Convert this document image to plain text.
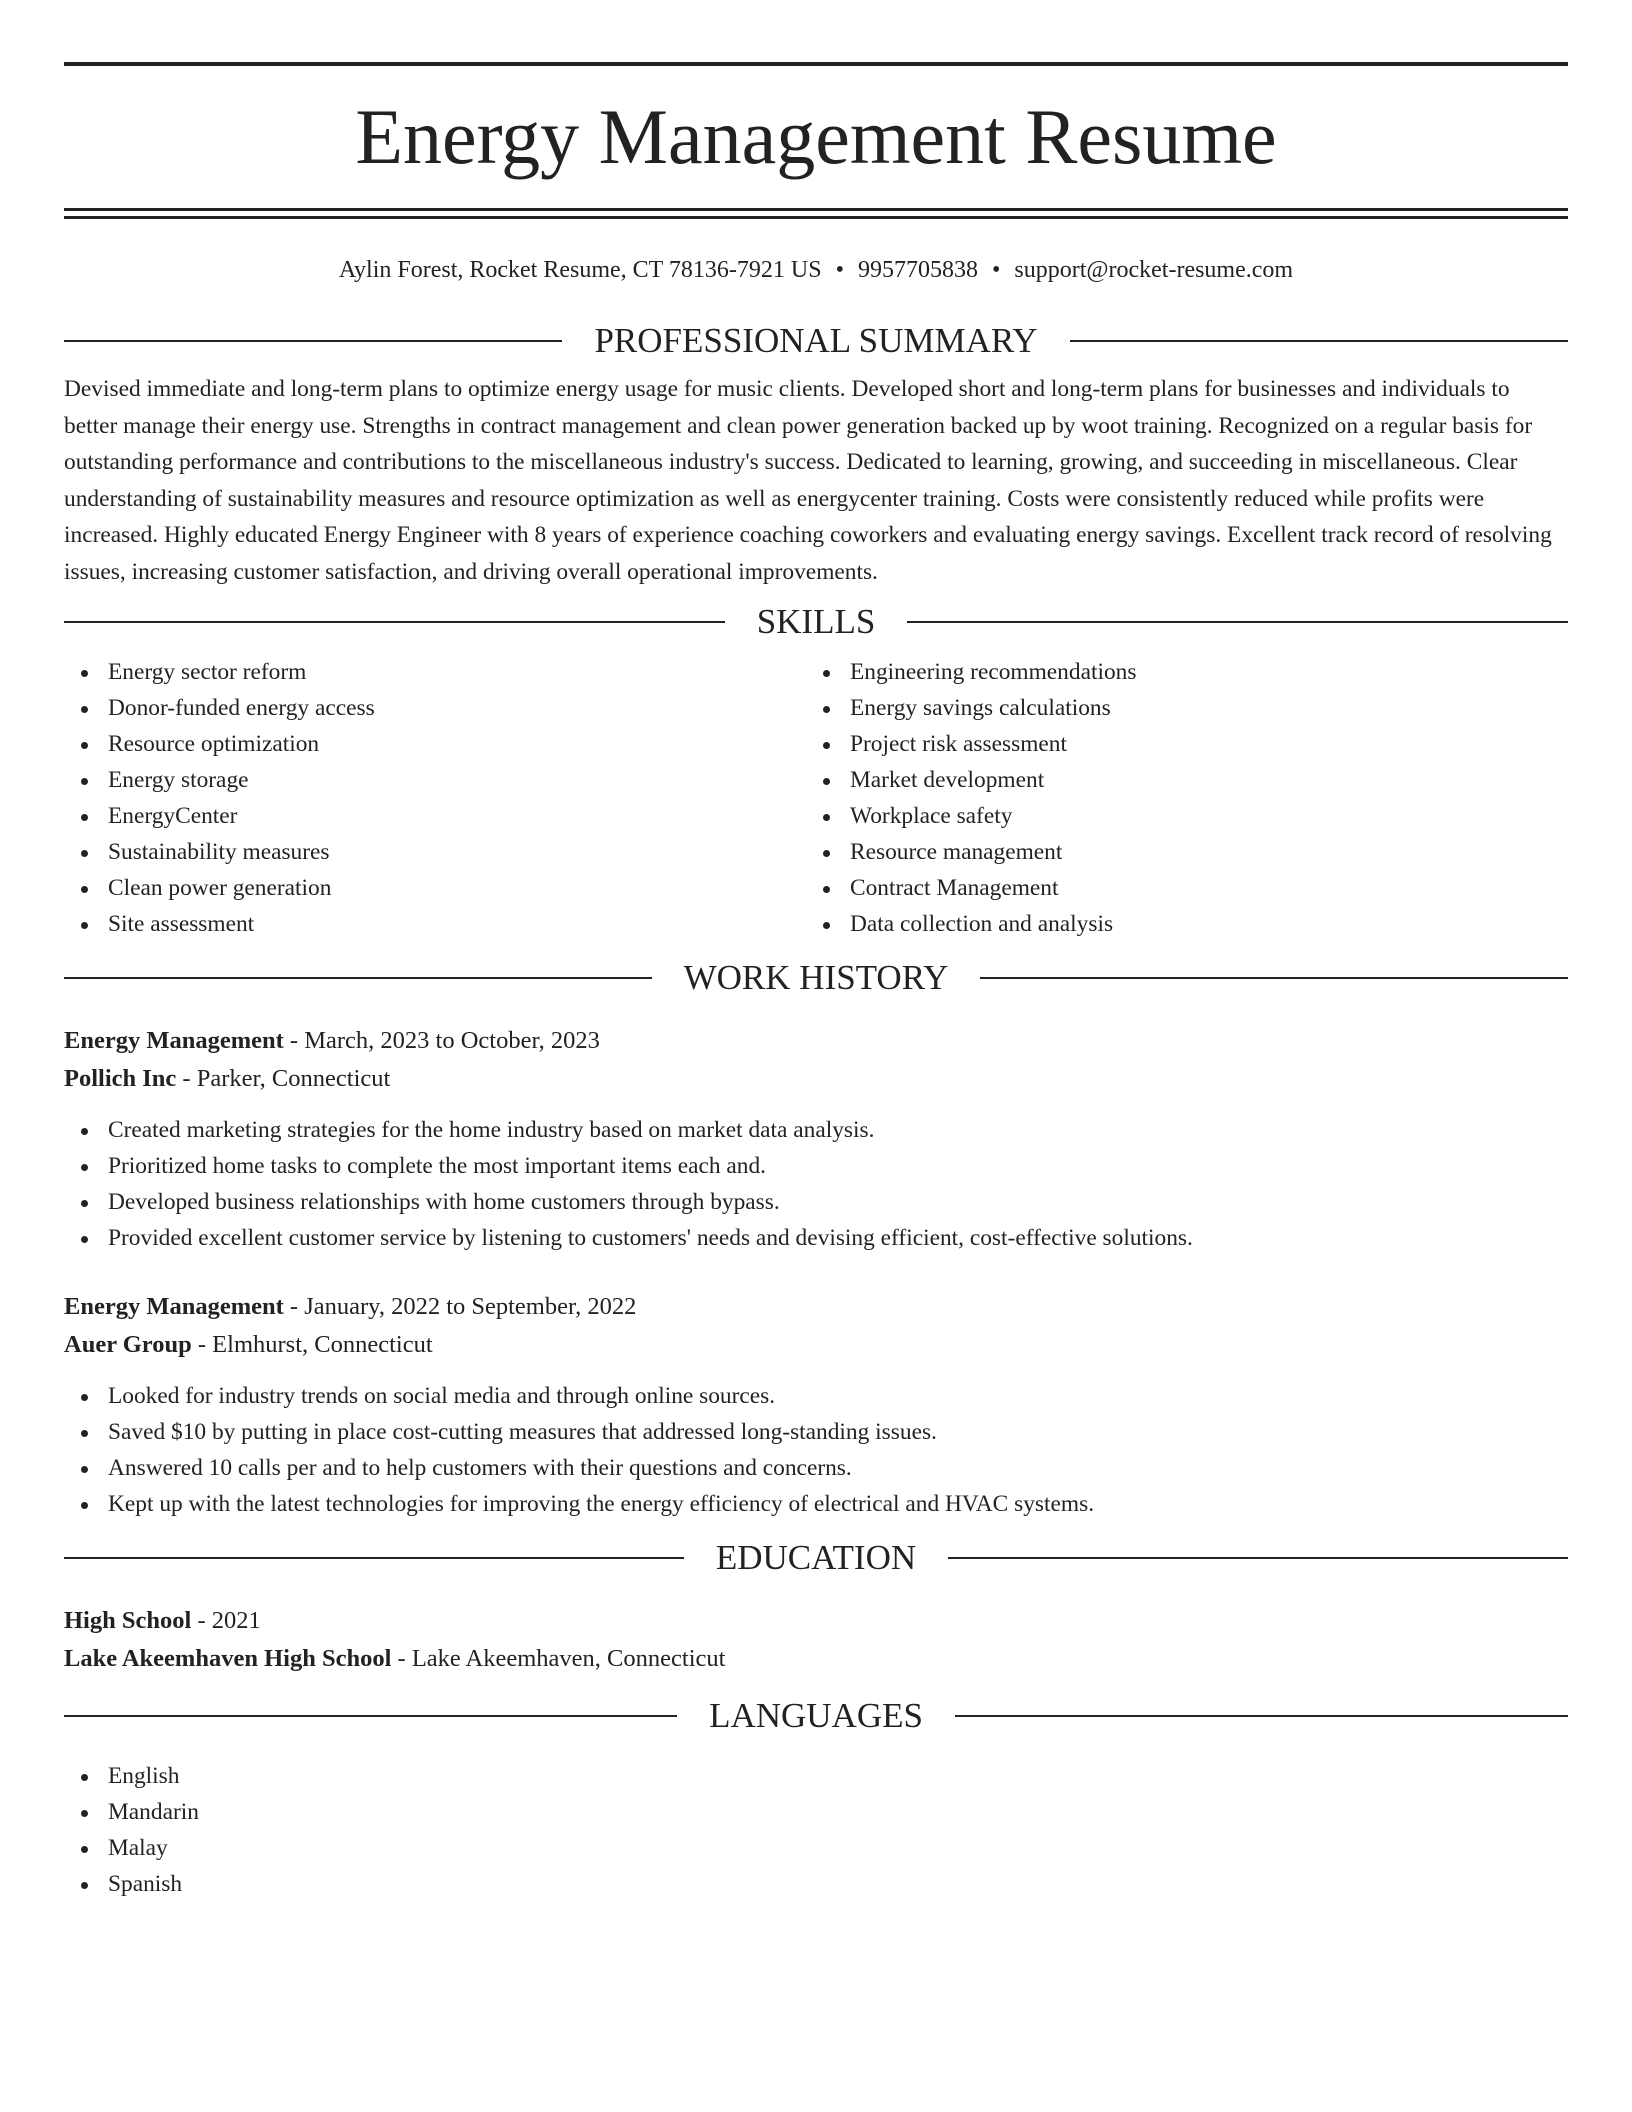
Energy Management Resume
Aylin Forest, Rocket Resume, CT 78136-7921 US • 9957705838 • support@rocket-resume.com
PROFESSIONAL SUMMARY

Devised immediate and long-term plans to optimize energy usage for music clients. Developed short and long-term plans for businesses and individuals to better manage their energy use. Strengths in contract management and clean power generation backed up by woot training. Recognized on a regular basis for outstanding performance and contributions to the miscellaneous industry's success. Dedicated to learning, growing, and succeeding in miscellaneous. Clear understanding of sustainability measures and resource optimization as well as energycenter training. Costs were consistently reduced while profits were increased. Highly educated Energy Engineer with 8 years of experience coaching coworkers and evaluating energy savings. Excellent track record of resolving issues, increasing customer satisfaction, and driving overall operational improvements.

SKILLS
Energy sector reform
Donor-funded energy access
Resource optimization
Energy storage
EnergyCenter
Sustainability measures
Clean power generation
Site assessment
Engineering recommendations
Energy savings calculations
Project risk assessment
Market development
Workplace safety
Resource management
Contract Management
Data collection and analysis
WORK HISTORY
Energy Management - March, 2023 to October, 2023
Pollich Inc - Parker, Connecticut
Created marketing strategies for the home industry based on market data analysis.
Prioritized home tasks to complete the most important items each and.
Developed business relationships with home customers through bypass.
Provided excellent customer service by listening to customers' needs and devising efficient, cost-effective solutions.
Energy Management - January, 2022 to September, 2022
Auer Group - Elmhurst, Connecticut
Looked for industry trends on social media and through online sources.
Saved $10 by putting in place cost-cutting measures that addressed long-standing issues.
Answered 10 calls per and to help customers with their questions and concerns.
Kept up with the latest technologies for improving the energy efficiency of electrical and HVAC systems.
EDUCATION
High School - 2021
Lake Akeemhaven High School - Lake Akeemhaven, Connecticut
LANGUAGES
English
Mandarin
Malay
Spanish
